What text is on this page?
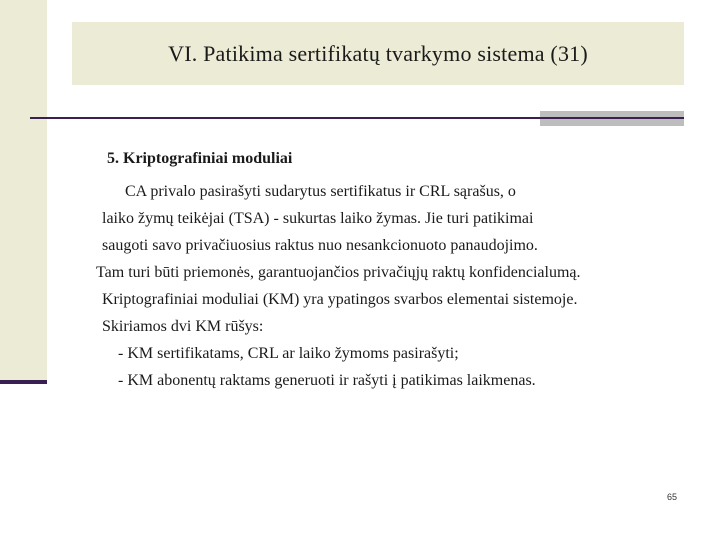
VI. Patikima sertifikatų tvarkymo sistema (31)
5. Kriptografiniai moduliai
CA privalo pasirašyti sudarytus sertifikatus ir CRL sąrašus, o
laiko žymų teikėjai (TSA) - sukurtas laiko žymas. Jie turi patikimai
saugoti savo privačiuosius raktus nuo nesankcionuoto panaudojimo.
Tam turi būti priemonės, garantuojančios privačiųjų raktų konfidencialumą.
Kriptografiniai moduliai (KM) yra ypatingos svarbos elementai sistemoje.
Skiriamos dvi KM rūšys:
- KM sertifikatams, CRL ar laiko žymoms pasirašyti;
- KM abonentų raktams generuoti ir rašyti į patikimas laikmenas.
65
